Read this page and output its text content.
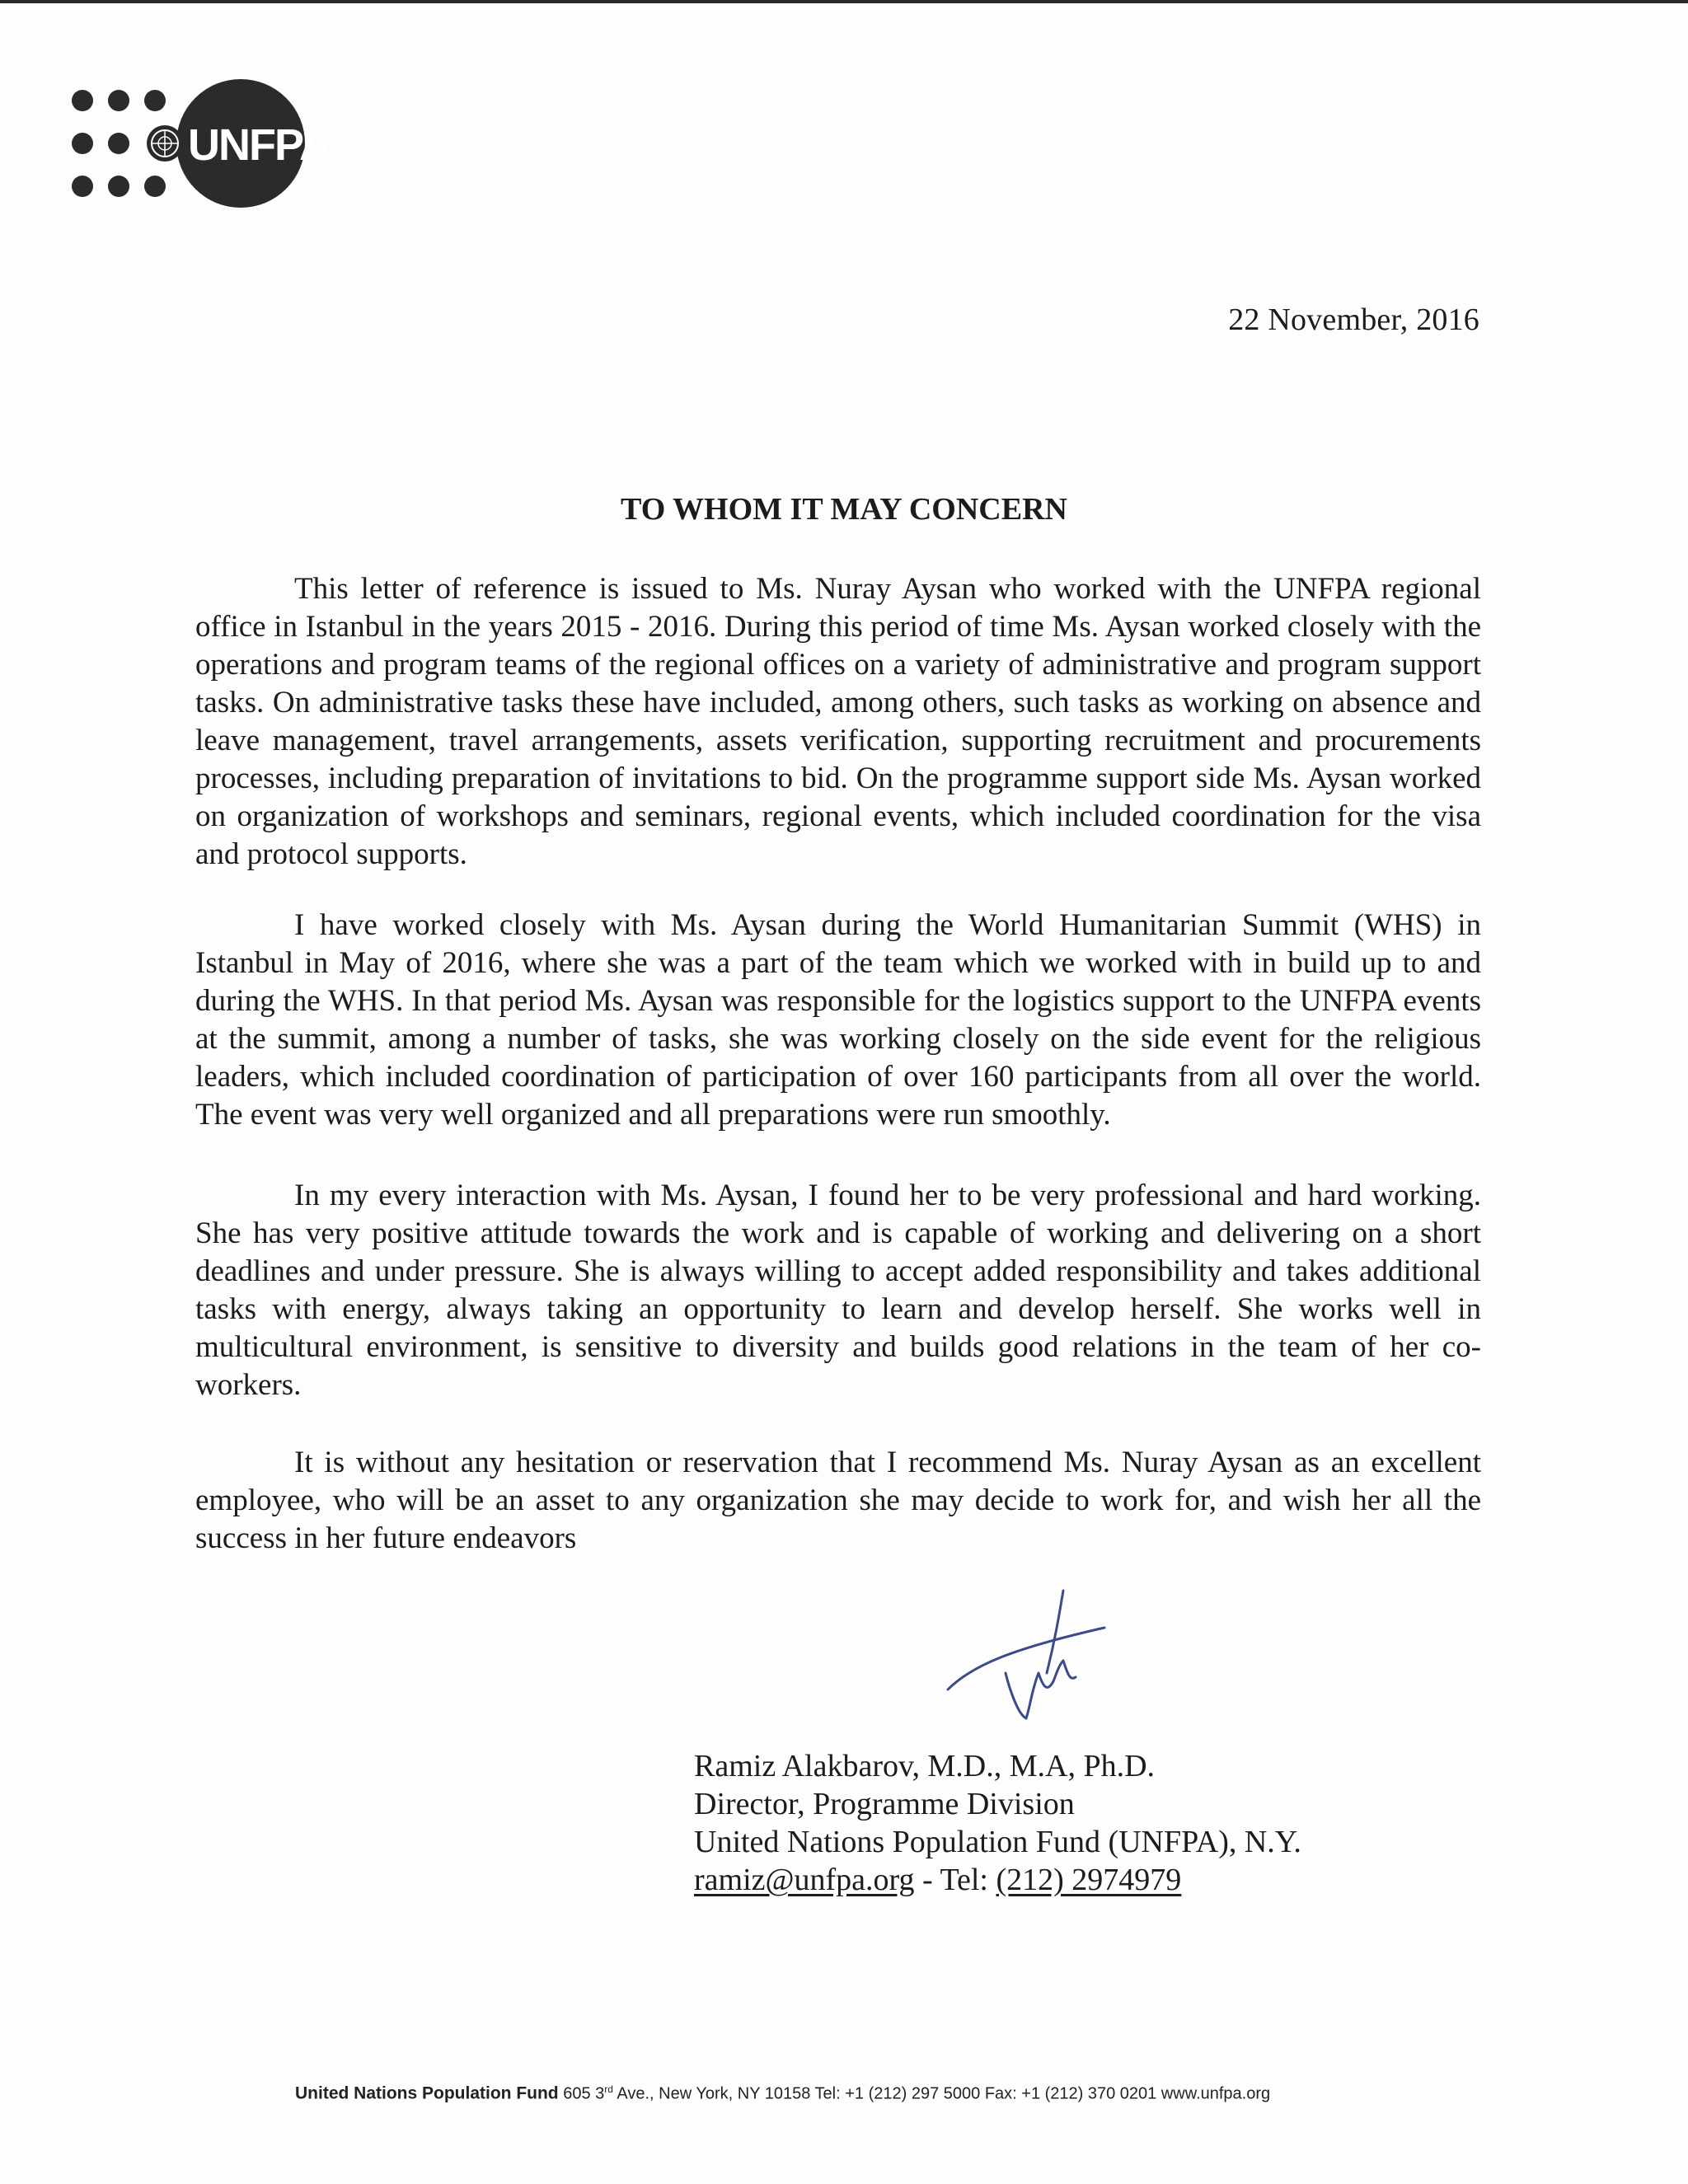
UNFPA
22 November, 2016
TO WHOM IT MAY CONCERN

This letter of reference is issued to Ms. Nuray Aysan who worked with the UNFPA regional office in Istanbul in the years 2015 - 2016. During this period of time Ms. Aysan worked closely with the operations and program teams of the regional offices on a variety of administrative and program support tasks. On administrative tasks these have included, among others, such tasks as working on absence and leave management, travel arrangements, assets verification, supporting recruitment and procurements processes, including preparation of invitations to bid. On the programme support side Ms. Aysan worked on organization of workshops and seminars, regional events, which included coordination for the visa and protocol supports.

I have worked closely with Ms. Aysan during the World Humanitarian Summit (WHS) in Istanbul in May of 2016, where she was a part of the team which we worked with in build up to and during the WHS. In that period Ms. Aysan was responsible for the logistics support to the UNFPA events at the summit, among a number of tasks, she was working closely on the side event for the religious leaders, which included coordination of participation of over 160 participants from all over the world. The event was very well organized and all preparations were run smoothly.

In my every interaction with Ms. Aysan, I found her to be very professional and hard working. She has very positive attitude towards the work and is capable of working and delivering on a short deadlines and under pressure. She is always willing to accept added responsibility and takes additional tasks with energy, always taking an opportunity to learn and develop herself. She works well in multicultural environment, is sensitive to diversity and builds good relations in the team of her co-workers.

It is without any hesitation or reservation that I recommend Ms. Nuray Aysan as an excellent employee, who will be an asset to any organization she may decide to work for, and wish her all the success in her future endeavors

Ramiz Alakbarov, M.D., M.A, Ph.D.
Director, Programme Division
United Nations Population Fund (UNFPA), N.Y.
ramiz@unfpa.org - Tel: (212) 2974979
United Nations Population Fund 605 3rd Ave., New York, NY 10158 Tel: +1 (212) 297 5000 Fax: +1 (212) 370 0201 www.unfpa.org
